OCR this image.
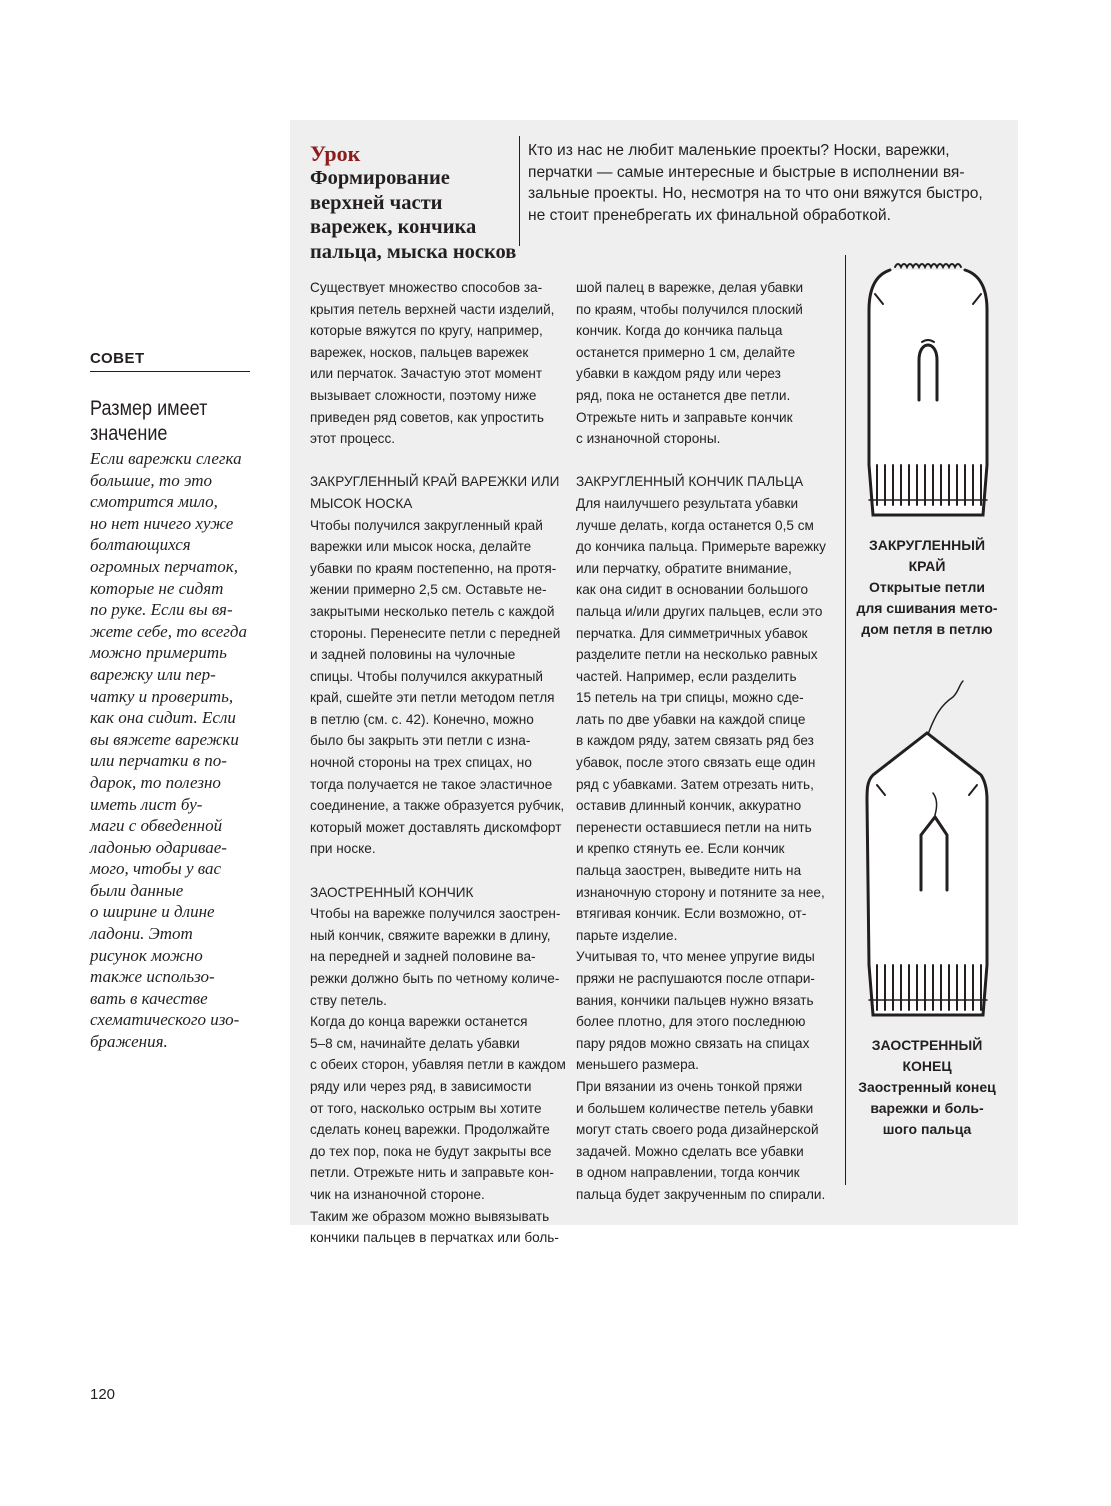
СОВЕТ
Размер имеет значение
Если варежки слегка
большие, то это
смотрится мило,
но нет ничего хуже
болтающихся
огромных перчаток,
которые не сидят
по руке. Если вы вя-
жете себе, то всегда
можно примерить
варежку или пер-
чатку и проверить,
как она сидит. Если
вы вяжете варежки
или перчатки в по-
дарок, то полезно
иметь лист бу-
маги с обведенной
ладонью одаривае-
мого, чтобы у вас
были данные
о ширине и длине
ладони. Этот
рисунок можно
также использо-
вать в качестве
схематического изо-
бражения.
Урок
Формирование
верхней части
варежек, кончика
пальца, мыска носков
Кто из нас не любит маленькие проекты? Носки, варежки,
перчатки — самые интересные и быстрые в исполнении вя-
зальные проекты. Но, несмотря на то что они вяжутся быстро,
не стоит пренебрегать их финальной обработкой.
Существует множество способов за-
крытия петель верхней части изделий,
которые вяжутся по кругу, например,
варежек, носков, пальцев варежек
или перчаток. Зачастую этот момент
вызывает сложности, поэтому ниже
приведен ряд советов, как упростить
этот процесс.

ЗАКРУГЛЕННЫЙ КРАЙ ВАРЕЖКИ ИЛИ
МЫСОК НОСКА
Чтобы получился закругленный край
варежки или мысок носка, делайте
убавки по краям постепенно, на протя-
жении примерно 2,5 см. Оставьте не-
закрытыми несколько петель с каждой
стороны. Перенесите петли с передней
и задней половины на чулочные
спицы. Чтобы получился аккуратный
край, сшейте эти петли методом петля
в петлю (см. с. 42). Конечно, можно
было бы закрыть эти петли с изна-
ночной стороны на трех спицах, но
тогда получается не такое эластичное
соединение, а также образуется рубчик,
который может доставлять дискомфорт
при носке.

ЗАОСТРЕННЫЙ КОНЧИК
Чтобы на варежке получился заострен-
ный кончик, свяжите варежки в длину,
на передней и задней половине ва-
режки должно быть по четному количе-
ству петель.
Когда до конца варежки останется
5–8 см, начинайте делать убавки
с обеих сторон, убавляя петли в каждом
ряду или через ряд, в зависимости
от того, насколько острым вы хотите
сделать конец варежки. Продолжайте
до тех пор, пока не будут закрыты все
петли. Отрежьте нить и заправьте кон-
чик на изнаночной стороне.
Таким же образом можно вывязывать
кончики пальцев в перчатках или боль-
шой палец в варежке, делая убавки
по краям, чтобы получился плоский
кончик. Когда до кончика пальца
останется примерно 1 см, делайте
убавки в каждом ряду или через
ряд, пока не останется две петли.
Отрежьте нить и заправьте кончик
с изнаночной стороны.

ЗАКРУГЛЕННЫЙ КОНЧИК ПАЛЬЦА
Для наилучшего результата убавки
лучше делать, когда останется 0,5 см
до кончика пальца. Примерьте варежку
или перчатку, обратите внимание,
как она сидит в основании большого
пальца и/или других пальцев, если это
перчатка. Для симметричных убавок
разделите петли на несколько равных
частей. Например, если разделить
15 петель на три спицы, можно сде-
лать по две убавки на каждой спице
в каждом ряду, затем связать ряд без
убавок, после этого связать еще один
ряд с убавками. Затем отрезать нить,
оставив длинный кончик, аккуратно
перенести оставшиеся петли на нить
и крепко стянуть ее. Если кончик
пальца заострен, выведите нить на
изнаночную сторону и потяните за нее,
втягивая кончик. Если возможно, от-
парьте изделие.
Учитывая то, что менее упругие виды
пряжи не распушаются после отпари-
вания, кончики пальцев нужно вязать
более плотно, для этого последнюю
пару рядов можно связать на спицах
меньшего размера.
При вязании из очень тонкой пряжи
и большем количестве петель убавки
могут стать своего рода дизайнерской
задачей. Можно сделать все убавки
в одном направлении, тогда кончик
пальца будет закрученным по спирали.
ЗАКРУГЛЕННЫЙ
КРАЙ
Открытые петли
для сшивания мето-
дом петля в петлю
ЗАОСТРЕННЫЙ
КОНЕЦ
Заостренный конец
варежки и боль-
шого пальца
120
